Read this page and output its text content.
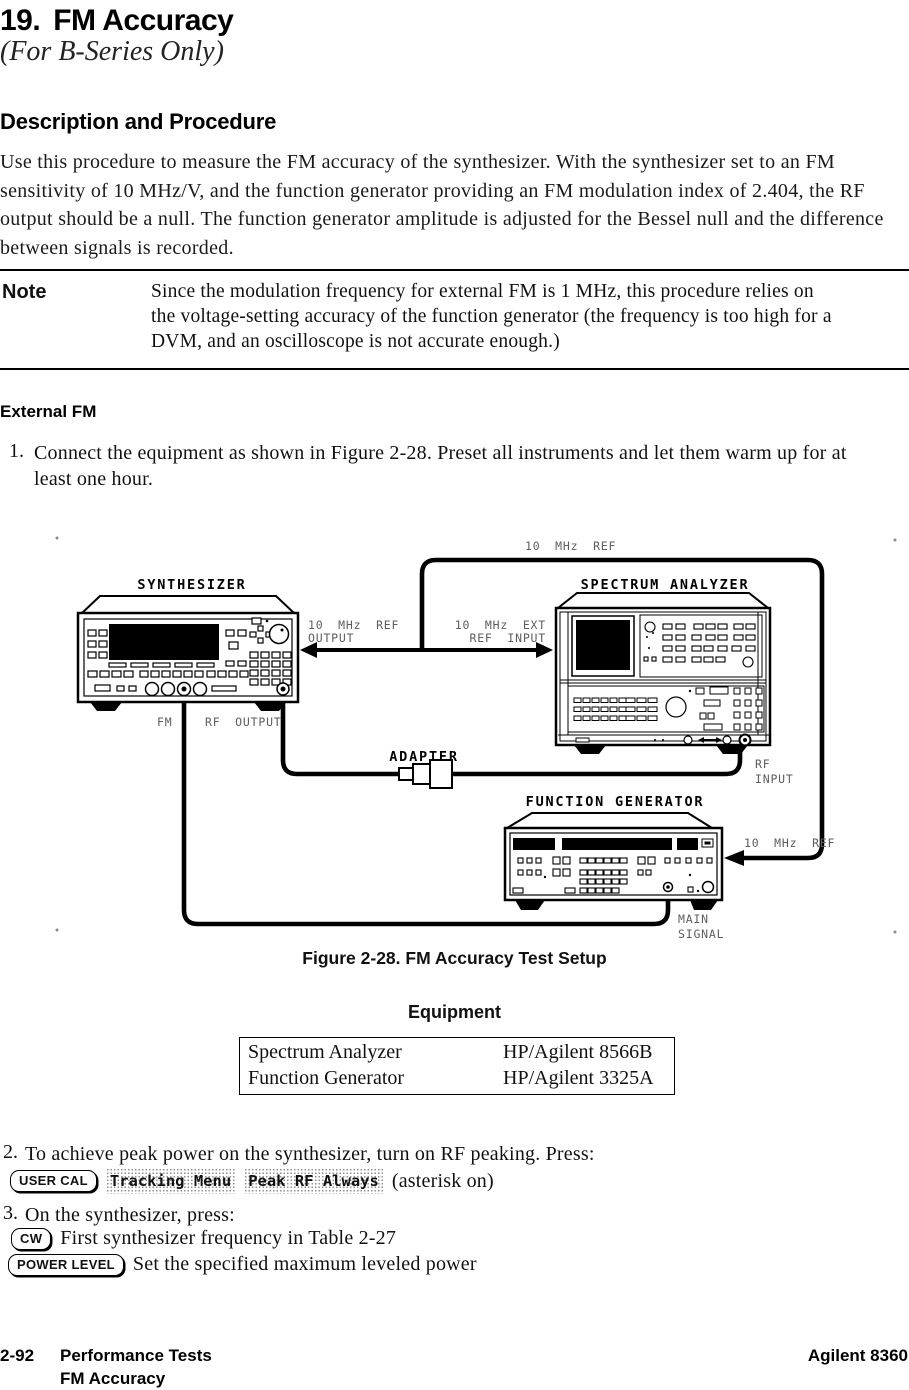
19. FM Accuracy
(For B-Series Only)
Description and Procedure
Use this procedure to measure the FM accuracy of the synthesizer. With the synthesizer set to an FM sensitivity of 10 MHz/V, and the function generator providing an FM modulation index of 2.404, the RF output should be a null. The function generator amplitude is adjusted for the Bessel null and the difference between signals is recorded.
Note	Since the modulation frequency for external FM is 1 MHz, this procedure relies on the voltage-setting accuracy of the function generator (the frequency is too high for a DVM, and an oscilloscope is not accurate enough.)
External FM
1. Connect the equipment as shown in Figure 2-28. Preset all instruments and let them warm up for at least one hour.
SYNTHESIZER	SPECTRUM ANALYZER
ADAPTER
FUNCTION GENERATOR
10 MHz REF
10 MHz REF
OUTPUT
10 MHz EXT
REF INPUT
FM	RF OUTPUT
RF
INPUT
10 MHz REF
MAIN
SIGNAL
Figure 2-28. FM Accuracy Test Setup
Equipment
Spectrum Analyzer	HP/Agilent 8566B
Function Generator	HP/Agilent 3325A
2. To achieve peak power on the synthesizer, turn on RF peaking. Press:
USER CAL	Tracking Menu Peak RF Always (asterisk on)
3. On the synthesizer, press:
CW First synthesizer frequency in Table 2-27
POWER LEVEL Set the specified maximum leveled power
2-92 Performance Tests
FM Accuracy
Agilent 8360
